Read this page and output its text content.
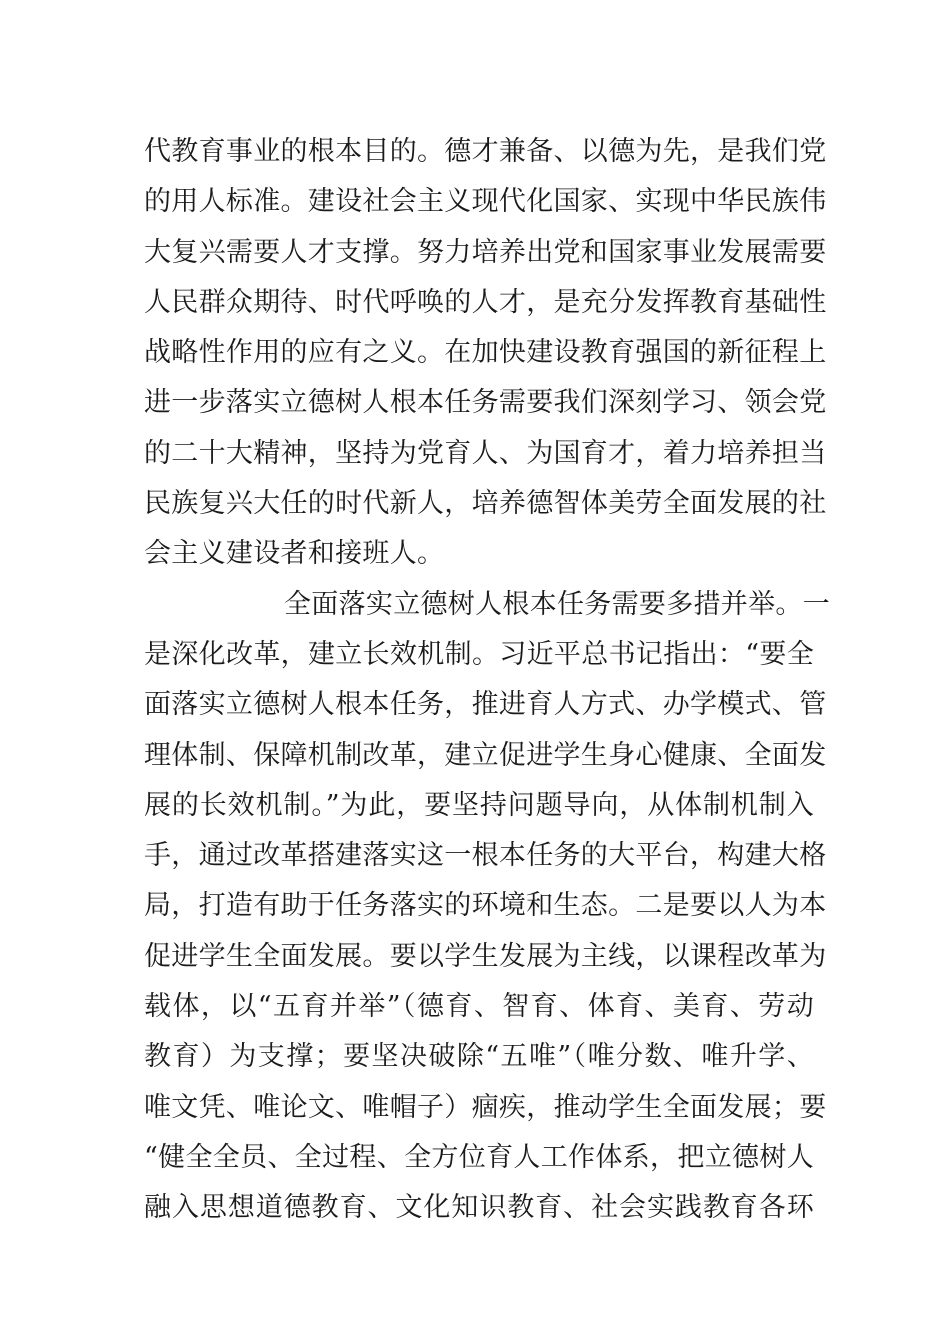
代教育事业的根本目的。德才兼备、以德为先，是我们党
的用人标准。建设社会主义现代化国家、实现中华民族伟
大复兴需要人才支撑。努力培养出党和国家事业发展需要
人民群众期待、时代呼唤的人才，是充分发挥教育基础性
战略性作用的应有之义。在加快建设教育强国的新征程上
进一步落实立德树人根本任务需要我们深刻学习、领会党
的二十大精神，坚持为党育人、为国育才，着力培养担当
民族复兴大任的时代新人，培养德智体美劳全面发展的社
会主义建设者和接班人。
全面落实立德树人根本任务需要多措并举。一
是深化改革，建立长效机制。习近平总书记指出：“要全
面落实立德树人根本任务，推进育人方式、办学模式、管
理体制、保障机制改革，建立促进学生身心健康、全面发
展的长效机制。”为此，要坚持问题导向，从体制机制入
手，通过改革搭建落实这一根本任务的大平台，构建大格
局，打造有助于任务落实的环境和生态。二是要以人为本
促进学生全面发展。要以学生发展为主线，以课程改革为
载体，以“五育并举”（德育、智育、体育、美育、劳动
教育）为支撑；要坚决破除“五唯”（唯分数、唯升学、
唯文凭、唯论文、唯帽子）痼疾，推动学生全面发展；要
“健全全员、全过程、全方位育人工作体系，把立德树人
融入思想道德教育、文化知识教育、社会实践教育各环
